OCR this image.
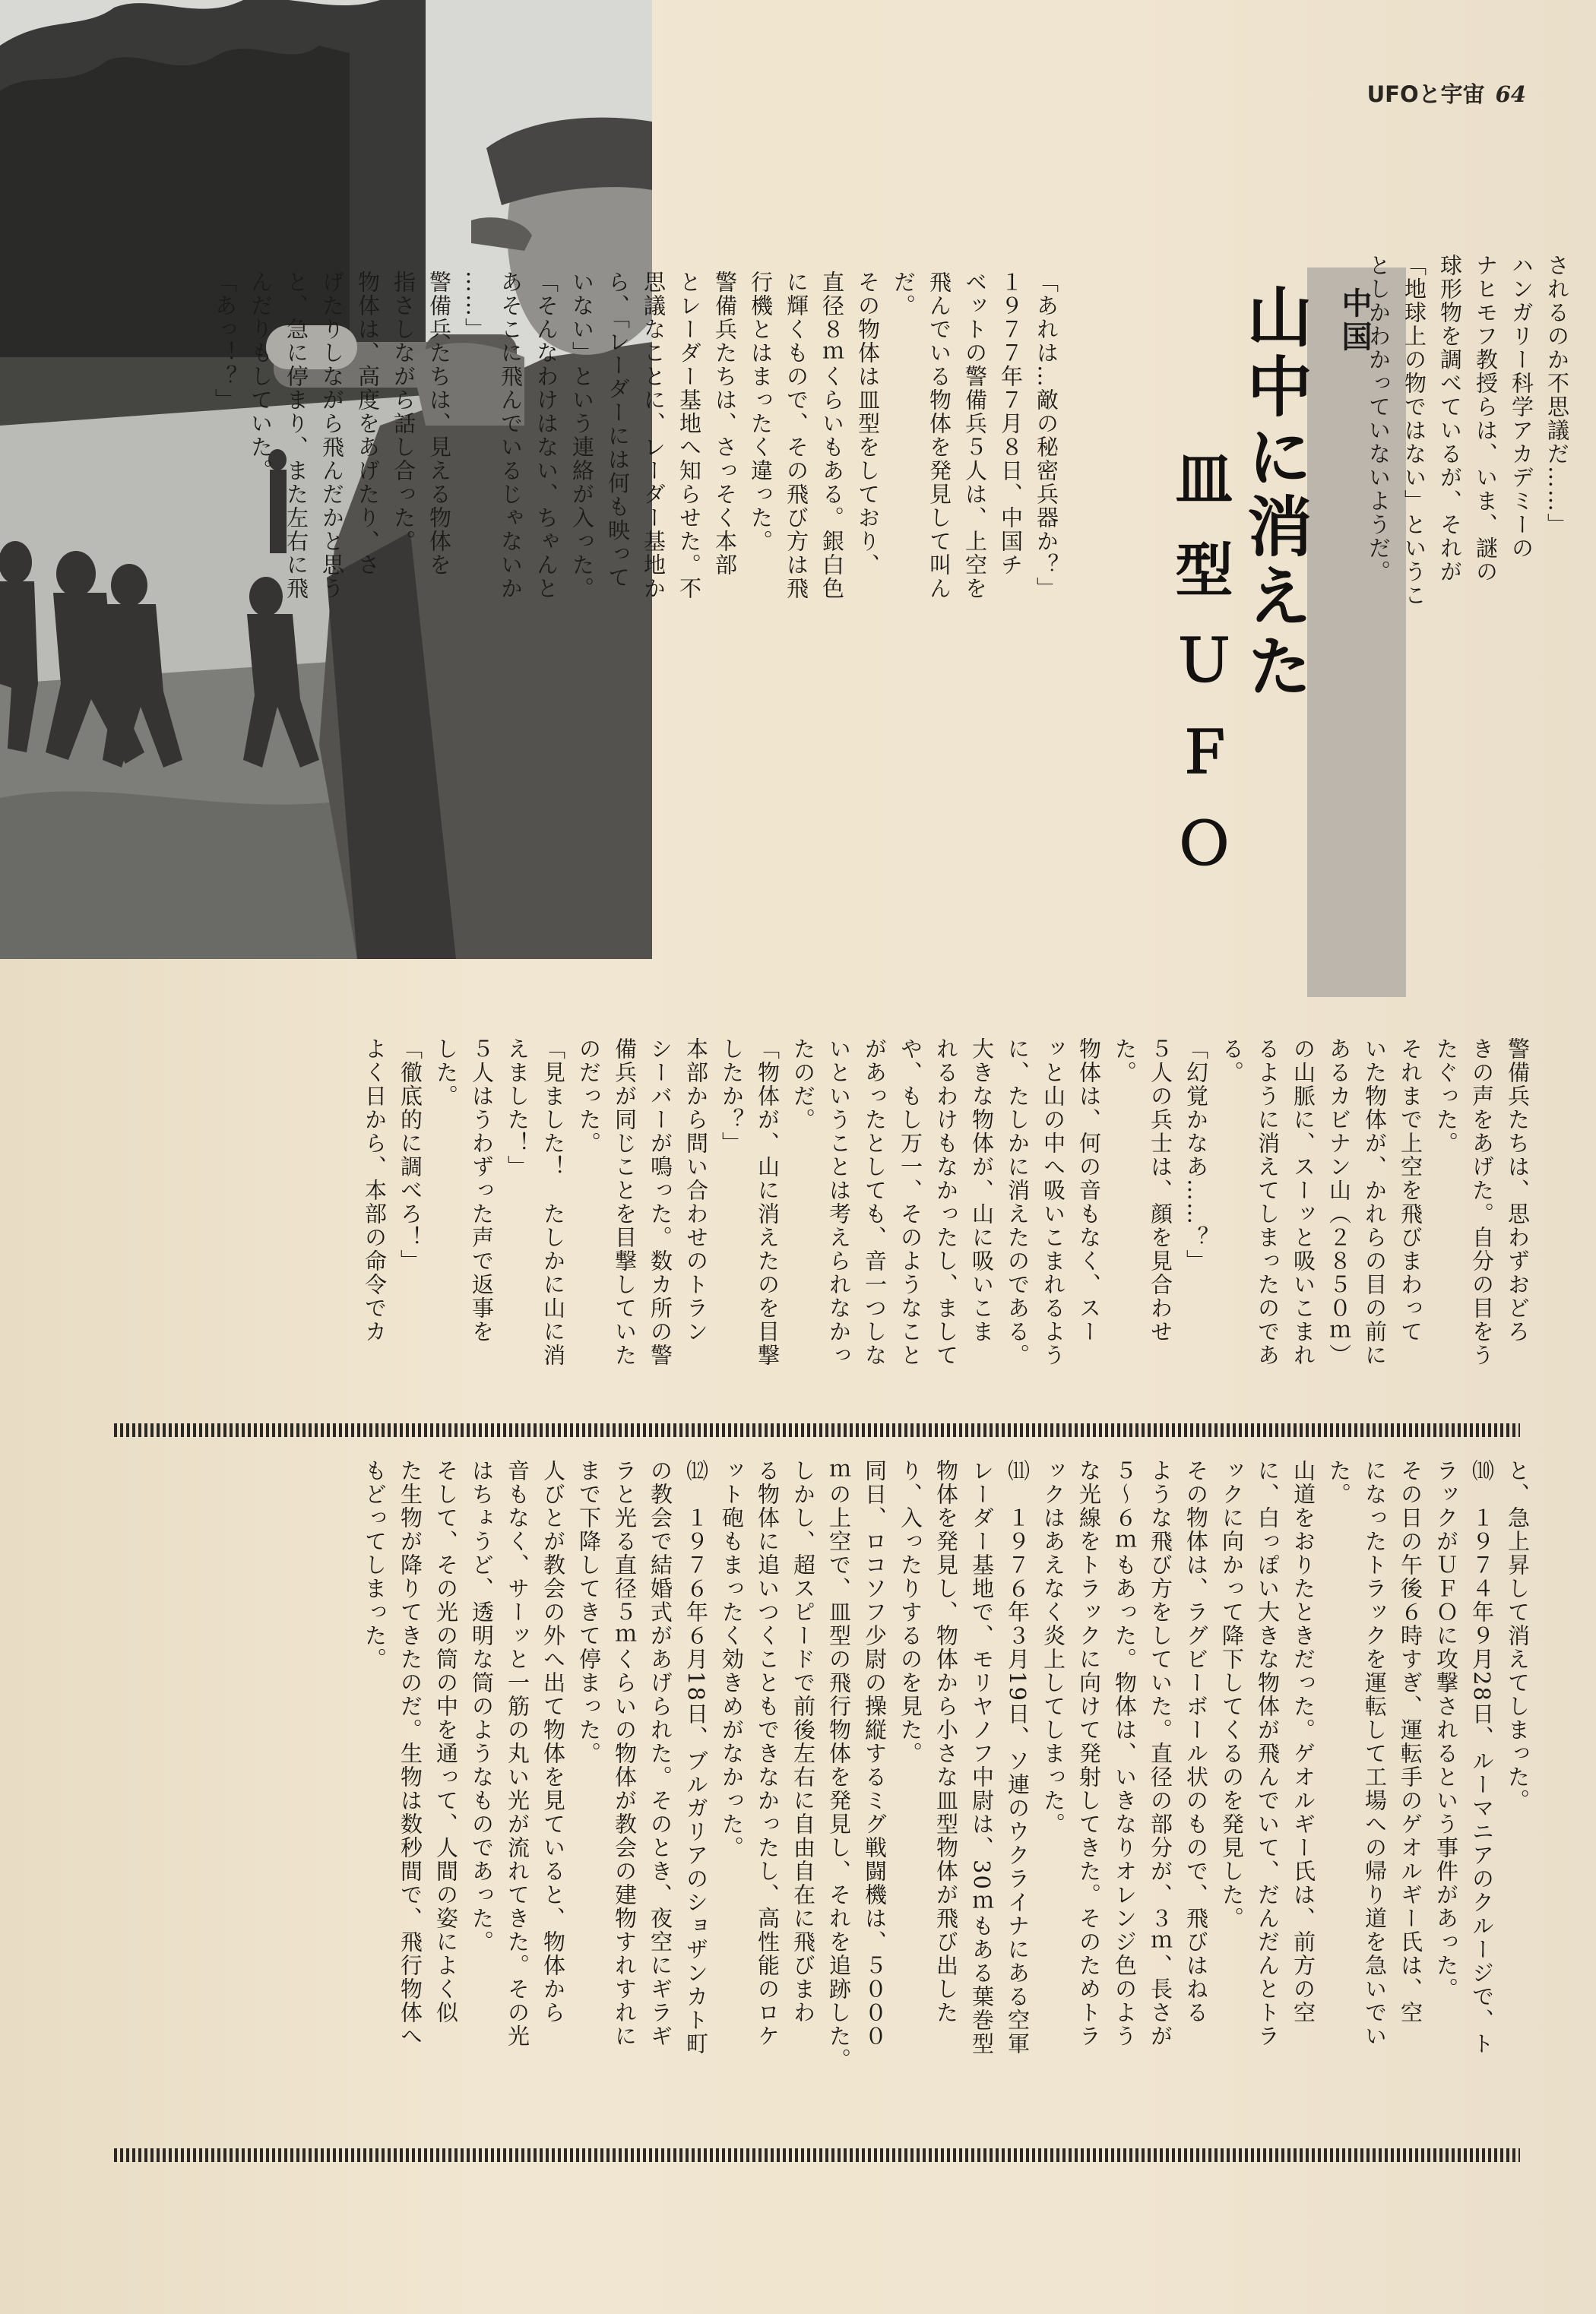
UFOと宇宙 64
中国
山中に消えた
皿型ＵＦＯ
されるのか不思議だ……」
ハンガリー科学アカデミーの
ナヒモフ教授らは、いま、謎の
球形物を調べているが、それが
「地球上の物ではない」というこ
としかわかっていないようだ。
「あれは…敵の秘密兵器か？」
１９７７年７月８日、中国チ
ベットの警備兵５人は、上空を
飛んでいる物体を発見して叫ん
だ。
その物体は皿型をしており、
直径８ｍくらいもある。銀白色
に輝くもので、その飛び方は飛
行機とはまったく違った。
警備兵たちは、さっそく本部
とレーダー基地へ知らせた。不
思議なことに、レーダー基地か
ら、「レーダーには何も映って
いない」という連絡が入った。
「そんなわけはない、ちゃんと
あそこに飛んでいるじゃないか
……」
警備兵たちは、見える物体を
指さしながら話し合った。
物体は、高度をあげたり、さ
げたりしながら飛んだかと思う
と、急に停まり、また左右に飛
んだりもしていた。
「あっ！？」
警備兵たちは、思わずおどろ
きの声をあげた。自分の目をう
たぐった。
それまで上空を飛びまわって
いた物体が、かれらの目の前に
あるカビナン山（２８５０ｍ）
の山脈に、スーッと吸いこまれ
るように消えてしまったのであ
る。
「幻覚かなあ……？」
５人の兵士は、顔を見合わせ
た。
物体は、何の音もなく、スー
ッと山の中へ吸いこまれるよう
に、たしかに消えたのである。
大きな物体が、山に吸いこま
れるわけもなかったし、まして
や、もし万一、そのようなこと
があったとしても、音一つしな
いということは考えられなかっ
たのだ。
「物体が、山に消えたのを目撃
したか？」
本部から問い合わせのトラン
シーバーが鳴った。数カ所の警
備兵が同じことを目撃していた
のだった。
「見ました！　たしかに山に消
えました！」
５人はうわずった声で返事を
した。
「徹底的に調べろ！」
よく日から、本部の命令でカ
と、急上昇して消えてしまった。
⑽　１９７４年９月28日、ルーマニアのクルージで、ト
ラックがＵＦＯに攻撃されるという事件があった。
その日の午後６時すぎ、運転手のゲオルギー氏は、空
になったトラックを運転して工場への帰り道を急いでい
た。
山道をおりたときだった。ゲオルギー氏は、前方の空
に、白っぽい大きな物体が飛んでいて、だんだんとトラ
ックに向かって降下してくるのを発見した。
その物体は、ラグビーボール状のもので、飛びはねる
ような飛び方をしていた。直径の部分が、３ｍ、長さが
５～６ｍもあった。物体は、いきなりオレンジ色のよう
な光線をトラックに向けて発射してきた。そのためトラ
ックはあえなく炎上してしまった。
⑾　１９７６年３月19日、ソ連のウクライナにある空軍
レーダー基地で、モリヤノフ中尉は、30ｍもある葉巻型
物体を発見し、物体から小さな皿型物体が飛び出した
り、入ったりするのを見た。
同日、ロコソフ少尉の操縦するミグ戦闘機は、５０００
ｍの上空で、皿型の飛行物体を発見し、それを追跡した。
しかし、超スピードで前後左右に自由自在に飛びまわ
る物体に追いつくこともできなかったし、高性能のロケ
ット砲もまったく効きめがなかった。
⑿　１９７６年６月18日、ブルガリアのショザンカト町
の教会で結婚式があげられた。そのとき、夜空にギラギ
ラと光る直径５ｍくらいの物体が教会の建物すれすれに
まで下降してきて停まった。
人びとが教会の外へ出て物体を見ていると、物体から
音もなく、サーッと一筋の丸い光が流れてきた。その光
はちょうど、透明な筒のようなものであった。
そして、その光の筒の中を通って、人間の姿によく似
た生物が降りてきたのだ。生物は数秒間で、飛行物体へ
もどってしまった。
